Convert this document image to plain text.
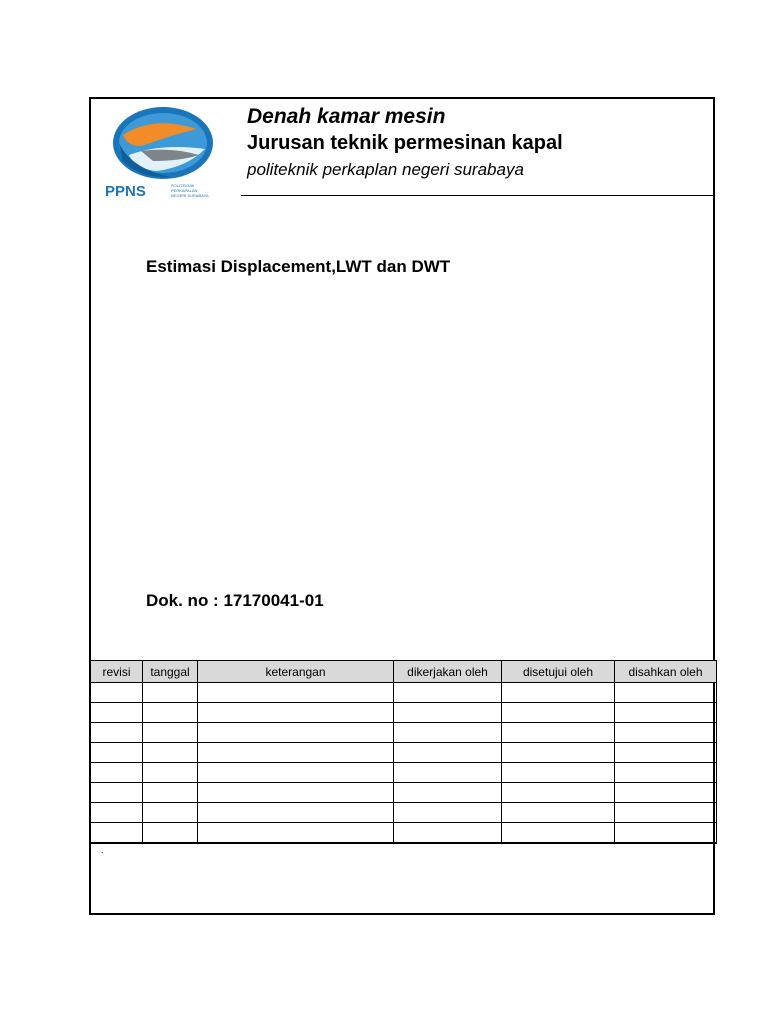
PPNS	POLITEKNIK
PERKAPALAN
NEGERI SURABAYA
Denah kamar mesin
Jurusan teknik permesinan kapal
politeknik perkaplan negeri surabaya
Estimasi Displacement,LWT dan DWT
Dok. no : 17170041-01
revisi	tanggal	keterangan	dikerjakan oleh	disetujui oleh	disahkan oleh

`
